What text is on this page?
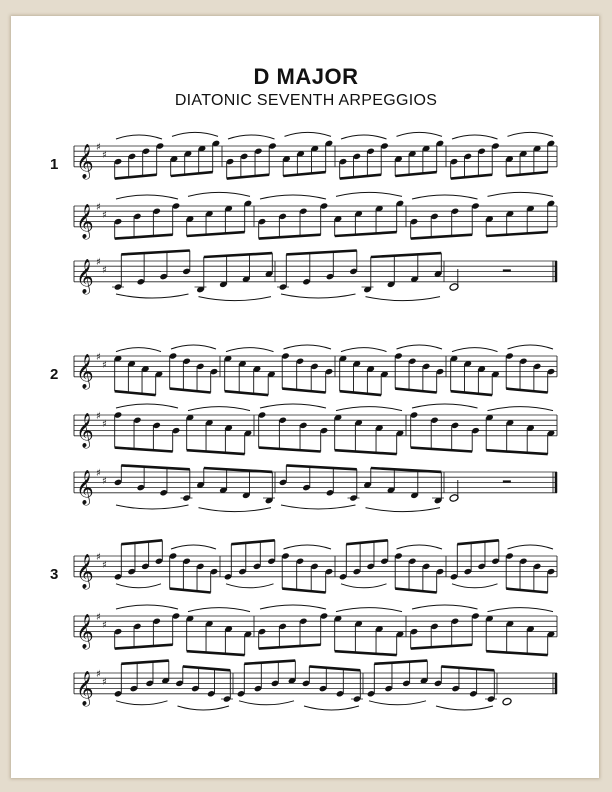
D MAJOR
DIATONIC SEVENTH ARPEGGIOS
1
2
3
𝄞 ♯
♯
𝄞 ♯
♯
𝄞 ♯
♯
𝄞 ♯
♯
𝄞 ♯
♯
𝄞 ♯
♯
𝄞 ♯
♯
𝄞 ♯
♯
𝄞 ♯
♯
